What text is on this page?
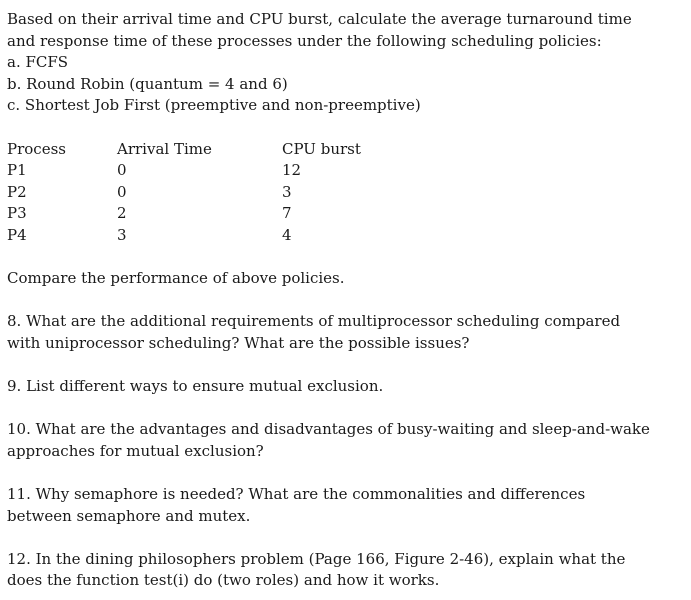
Based on their arrival time and CPU burst, calculate the average turnaround time
and response time of these processes under the following scheduling policies:
a. FCFS
b. Round Robin (quantum = 4 and 6)
c. Shortest Job First (preemptive and non-preemptive)
Process	Arrival Time	CPU burst
P1	0	12
P2	0	3
P3	2	7
P4	3	4
Compare the performance of above policies.
8. What are the additional requirements of multiprocessor scheduling compared
with uniprocessor scheduling? What are the possible issues?
9. List different ways to ensure mutual exclusion.
10. What are the advantages and disadvantages of busy-waiting and sleep-and-wake
approaches for mutual exclusion?
11. Why semaphore is needed? What are the commonalities and differences
between semaphore and mutex.
12. In the dining philosophers problem (Page 166, Figure 2-46), explain what the
does the function test(i) do (two roles) and how it works.
